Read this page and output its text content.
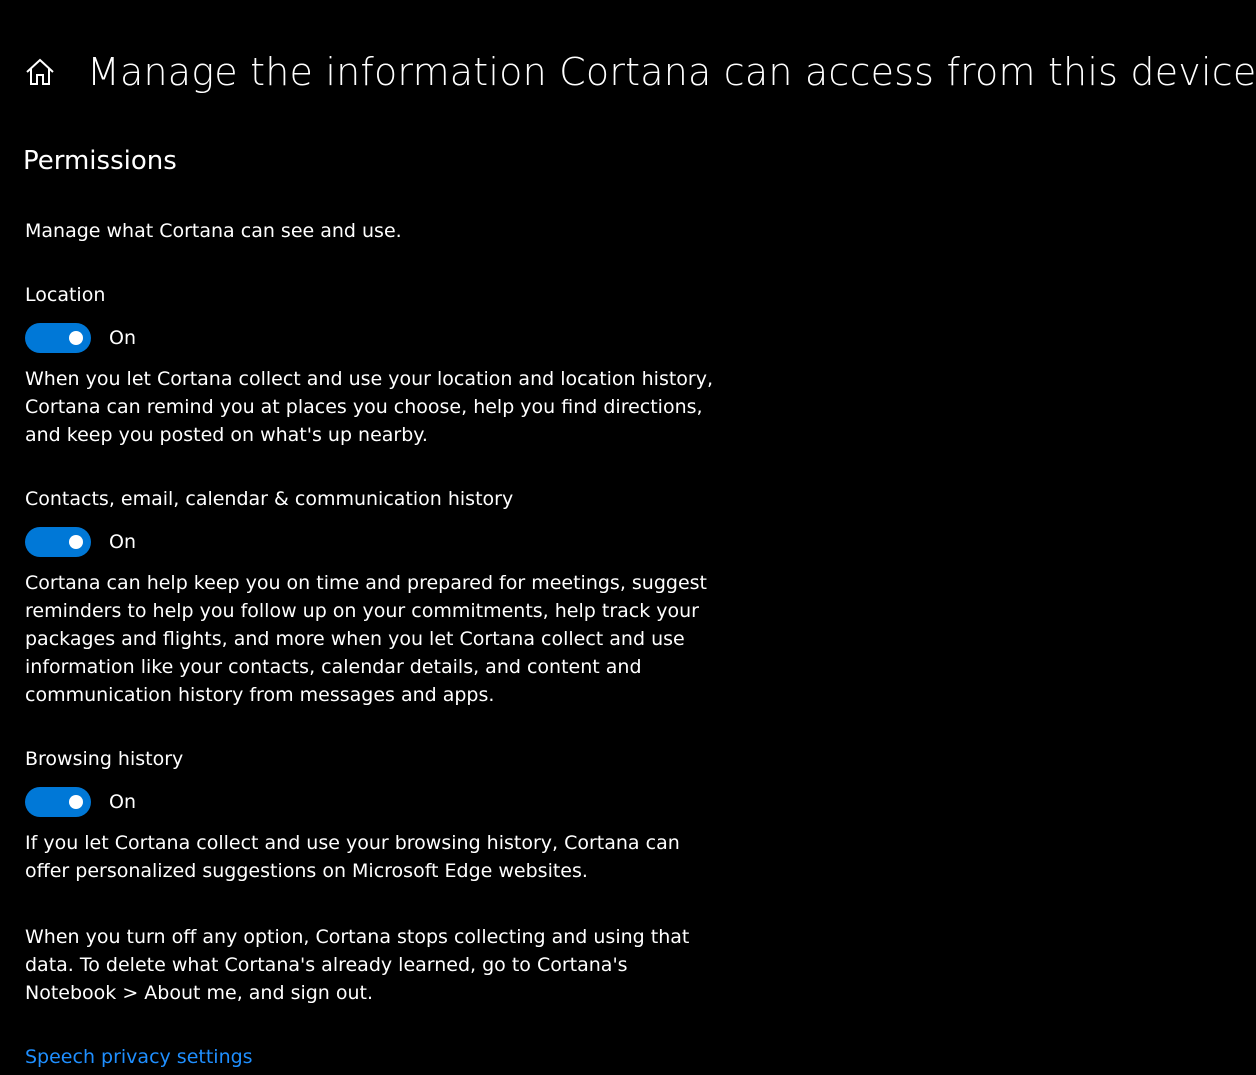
Manage the information Cortana can access from this device
Permissions
Manage what Cortana can see and use.
Location
On
When you let Cortana collect and use your location and location history, Cortana can remind you at places you choose, help you find directions, and keep you posted on what's up nearby.
Contacts, email, calendar & communication history
On
Cortana can help keep you on time and prepared for meetings, suggest reminders to help you follow up on your commitments, help track your packages and flights, and more when you let Cortana collect and use information like your contacts, calendar details, and content and communication history from messages and apps.
Browsing history
On
If you let Cortana collect and use your browsing history, Cortana can offer personalized suggestions on Microsoft Edge websites.
When you turn off any option, Cortana stops collecting and using that data. To delete what Cortana's already learned, go to Cortana's Notebook > About me, and sign out.
Speech privacy settings
